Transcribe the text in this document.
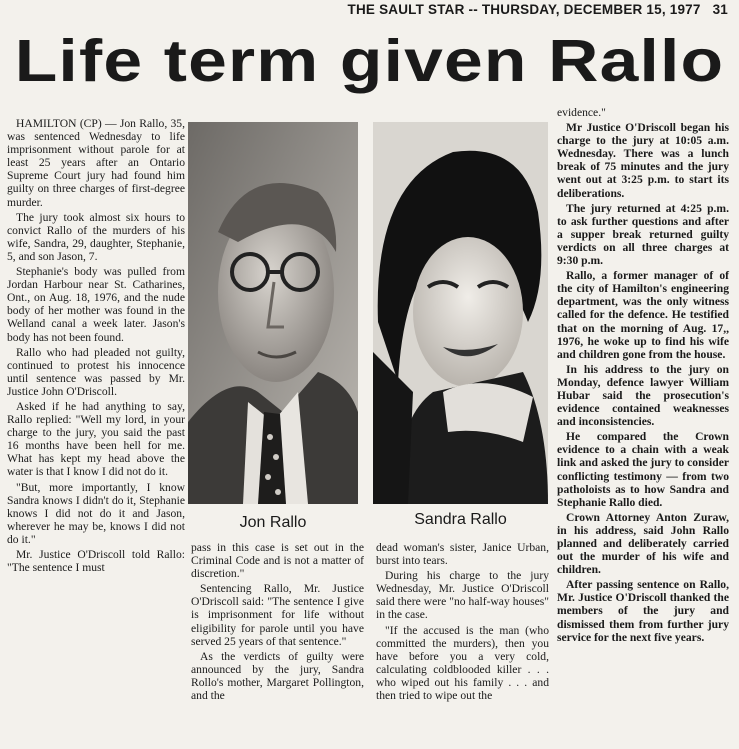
THE SAULT STAR -- THURSDAY, DECEMBER 15, 1977 31
Life term given Rallo

HAMILTON (CP) — Jon Rallo, 35, was sentenced Wednesday to life imprisonment without parole for at least 25 years after an Ontario Supreme Court jury had found him guilty on three charges of first-degree murder.

The jury took almost six hours to convict Rallo of the murders of his wife, Sandra, 29, daughter, Stephanie, 5, and son Jason, 7.

Stephanie's body was pulled from Jordan Harbour near St. Catharines, Ont., on Aug. 18, 1976, and the nude body of her mother was found in the Welland canal a week later. Jason's body has not been found.

Rallo who had pleaded not guilty, continued to protest his innocence until sentence was passed by Mr. Justice John O'Driscoll.

Asked if he had anything to say, Rallo replied: "Well my lord, in your charge to the jury, you said the past 16 months have been hell for me. What has kept my head above the water is that I know I did not do it.

"But, more importantly, I know Sandra knows I didn't do it, Stephanie knows I did not do it and Jason, wherever he may be, knows I did not do it."

Mr. Justice O'Driscoll told Rallo: "The sentence I must

Jon Rallo	Sandra Rallo

pass in this case is set out in the Criminal Code and is not a matter of discretion."

Sentencing Rallo, Mr. Justice O'Driscoll said: "The sentence I give is imprisonment for life without eligibility for parole until you have served 25 years of that sentence."

As the verdicts of guilty were announced by the jury, Sandra Rollo's mother, Margaret Pollington, and the

dead woman's sister, Janice Urban, burst into tears.

During his charge to the jury Wednesday, Mr. Justice O'Driscoll said there were "no half-way houses" in the case.

"If the accused is the man (who committed the murders), then you have before you a very cold, calculating coldblooded killer . . . who wiped out his family . . . and then tried to wipe out the

evidence."

Mr Justice O'Driscoll began his charge to the jury at 10:05 a.m. Wednesday. There was a lunch break of 75 minutes and the jury went out at 3:25 p.m. to start its deliberations.

The jury returned at 4:25 p.m. to ask further questions and after a supper break returned guilty verdicts on all three charges at 9:30 p.m.

Rallo, a former manager of of the city of Hamilton's engineering department, was the only witness called for the defence. He testified that on the morning of Aug. 17,, 1976, he woke up to find his wife and children gone from the house.

In his address to the jury on Monday, defence lawyer William Hubar said the prosecution's evidence contained weaknesses and inconsistencies.

He compared the Crown evidence to a chain with a weak link and asked the jury to consider conflicting testimony — from two patholoists as to how Sandra and Stephanie Rallo died.

Crown Attorney Anton Zuraw, in his address, said John Rallo planned and deliberately carried out the murder of his wife and children.

After passing sentence on Rallo, Mr. Justice O'Driscoll thanked the members of the jury and dismissed them from further jury service for the next five years.
